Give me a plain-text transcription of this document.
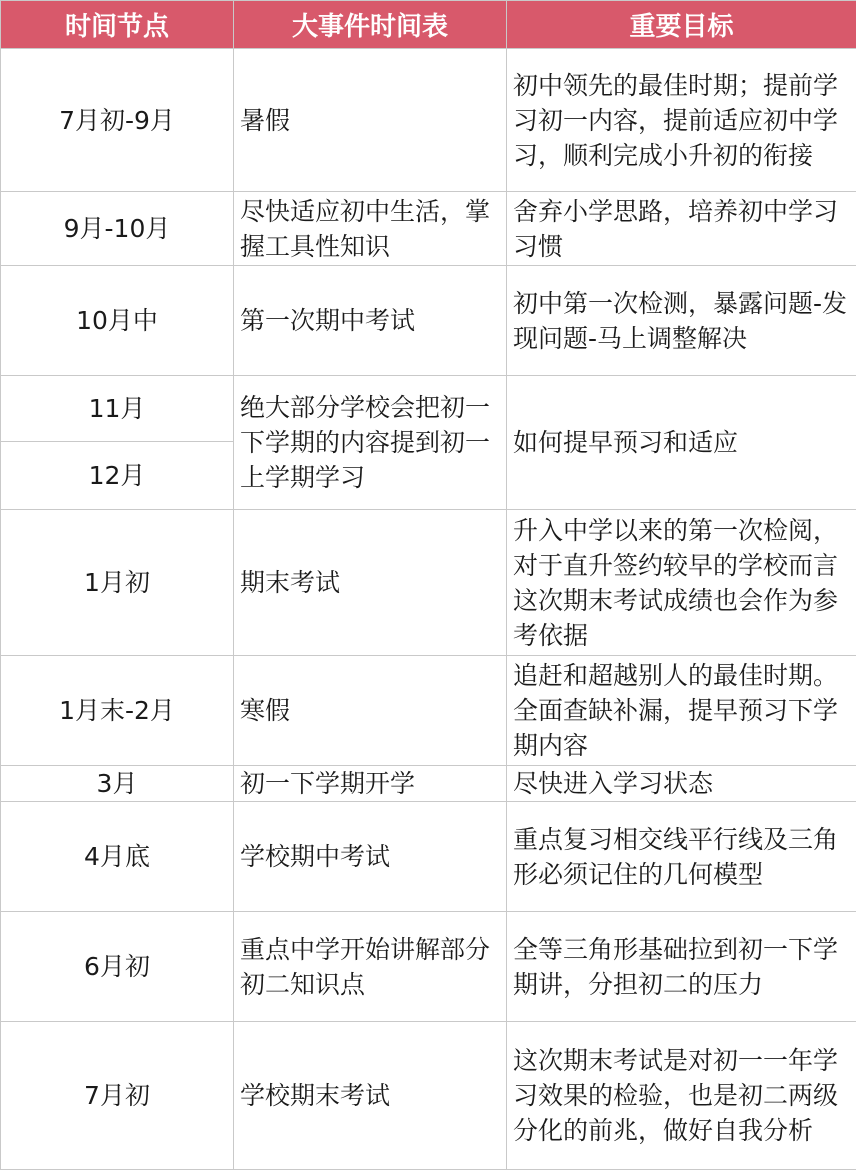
时间节点	大事件时间表	重要目标
7月初-9月	暑假	初中领先的最佳时期；提前学习初一内容，提前适应初中学习，顺利完成小升初的衔接
9月-10月	尽快适应初中生活，掌握工具性知识	舍弃小学思路，培养初中学习习惯
10月中	第一次期中考试	初中第一次检测，暴露问题-发现问题-马上调整解决
11月	绝大部分学校会把初一下学期的内容提到初一上学期学习	如何提早预习和适应
12月		
1月初	期末考试	升入中学以来的第一次检阅，对于直升签约较早的学校而言这次期末考试成绩也会作为参考依据
1月末-2月	寒假	追赶和超越别人的最佳时期。全面查缺补漏，提早预习下学期内容
3月	初一下学期开学	尽快进入学习状态
4月底	学校期中考试	重点复习相交线平行线及三角形必须记住的几何模型
6月初	重点中学开始讲解部分初二知识点	全等三角形基础拉到初一下学期讲，分担初二的压力
7月初	学校期末考试	这次期末考试是对初一一年学习效果的检验，也是初二两级分化的前兆，做好自我分析
